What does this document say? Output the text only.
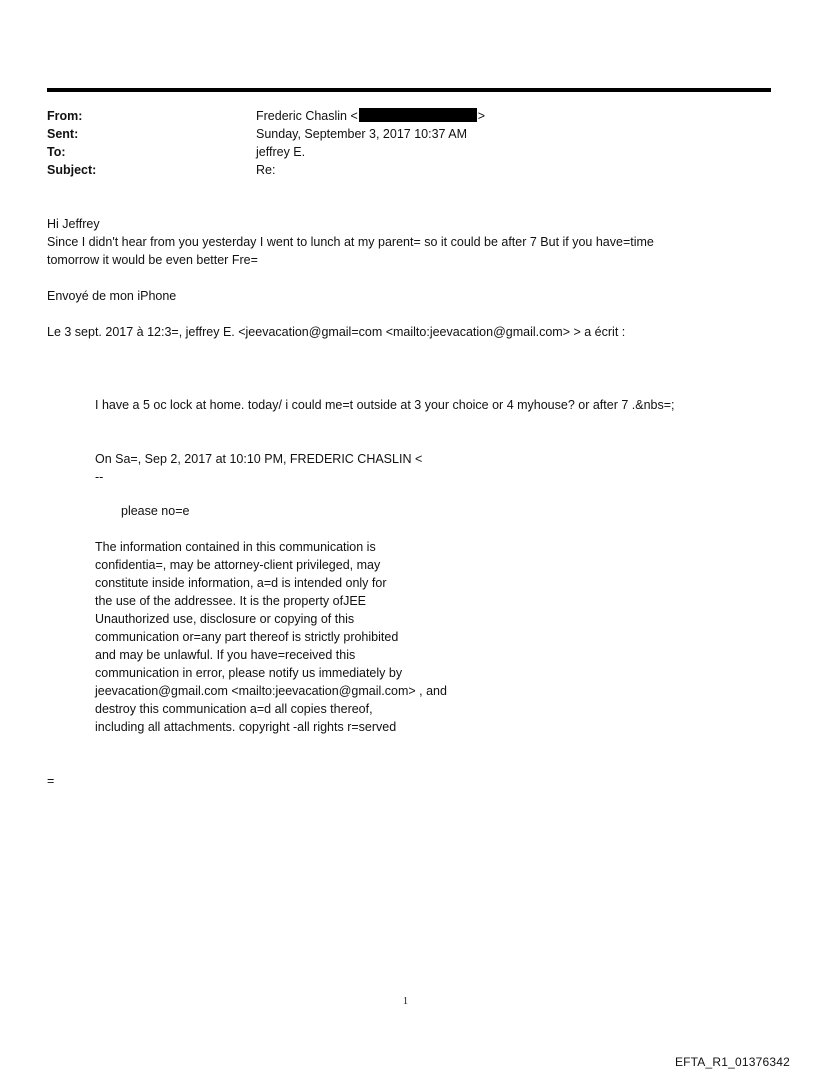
From:	Frederic Chaslin <	>
Sent:	Sunday, September 3, 2017 10:37 AM
To:	jeffrey E.
Subject:	Re:
Hi Jeffrey
Since I didn't hear from you yesterday I went to lunch at my parent= so it could be after 7 But if you have=time
tomorrow it would be even better Fre=
Envoyé de mon iPhone
Le 3 sept. 2017 à 12:3=, jeffrey E. <jeevacation@gmail=com <mailto:jeevacation@gmail.com> > a écrit :
I have a 5 oc lock at home. today/ i could me=t outside at 3 your choice or 4 myhouse? or after 7 .&nbs=;
On Sa=, Sep 2, 2017 at 10:10 PM, FREDERIC CHASLIN <
--
please no=e
The information contained in this communication is
confidentia=, may be attorney-client privileged, may
constitute inside information, a=d is intended only for
the use of the addressee. It is the property ofJEE
Unauthorized use, disclosure or copying of this
communication or=any part thereof is strictly prohibited
and may be unlawful. If you have=received this
communication in error, please notify us immediately by
jeevacation@gmail.com <mailto:jeevacation@gmail.com> , and
destroy this communication a=d all copies thereof,
including all attachments. copyright -all rights r=served
=
1
EFTA_R1_01376342
